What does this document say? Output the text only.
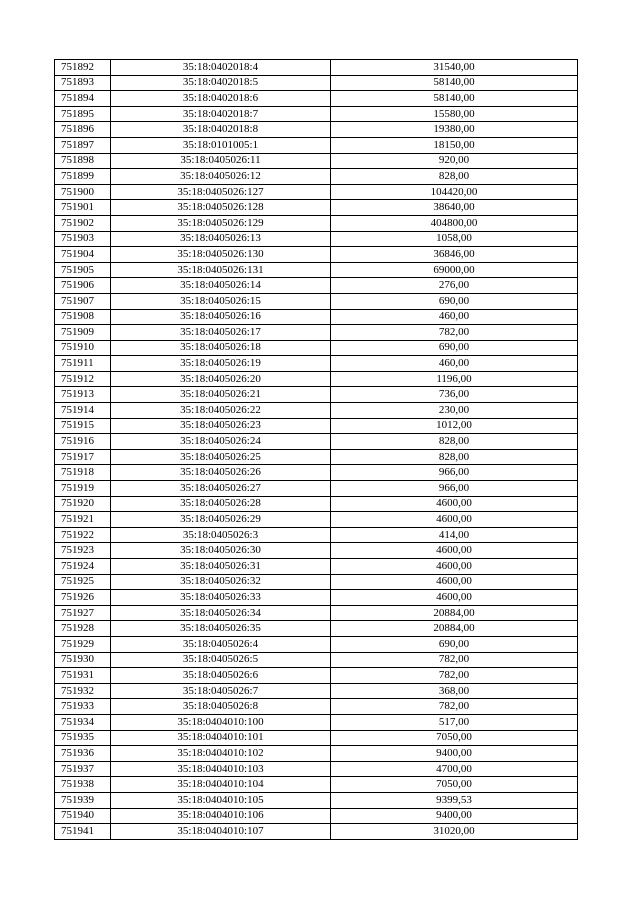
751892	35:18:0402018:4	31540,00
751893	35:18:0402018:5	58140,00
751894	35:18:0402018:6	58140,00
751895	35:18:0402018:7	15580,00
751896	35:18:0402018:8	19380,00
751897	35:18:0101005:1	18150,00
751898	35:18:0405026:11	920,00
751899	35:18:0405026:12	828,00
751900	35:18:0405026:127	104420,00
751901	35:18:0405026:128	38640,00
751902	35:18:0405026:129	404800,00
751903	35:18:0405026:13	1058,00
751904	35:18:0405026:130	36846,00
751905	35:18:0405026:131	69000,00
751906	35:18:0405026:14	276,00
751907	35:18:0405026:15	690,00
751908	35:18:0405026:16	460,00
751909	35:18:0405026:17	782,00
751910	35:18:0405026:18	690,00
751911	35:18:0405026:19	460,00
751912	35:18:0405026:20	1196,00
751913	35:18:0405026:21	736,00
751914	35:18:0405026:22	230,00
751915	35:18:0405026:23	1012,00
751916	35:18:0405026:24	828,00
751917	35:18:0405026:25	828,00
751918	35:18:0405026:26	966,00
751919	35:18:0405026:27	966,00
751920	35:18:0405026:28	4600,00
751921	35:18:0405026:29	4600,00
751922	35:18:0405026:3	414,00
751923	35:18:0405026:30	4600,00
751924	35:18:0405026:31	4600,00
751925	35:18:0405026:32	4600,00
751926	35:18:0405026:33	4600,00
751927	35:18:0405026:34	20884,00
751928	35:18:0405026:35	20884,00
751929	35:18:0405026:4	690,00
751930	35:18:0405026:5	782,00
751931	35:18:0405026:6	782,00
751932	35:18:0405026:7	368,00
751933	35:18:0405026:8	782,00
751934	35:18:0404010:100	517,00
751935	35:18:0404010:101	7050,00
751936	35:18:0404010:102	9400,00
751937	35:18:0404010:103	4700,00
751938	35:18:0404010:104	7050,00
751939	35:18:0404010:105	9399,53
751940	35:18:0404010:106	9400,00
751941	35:18:0404010:107	31020,00
